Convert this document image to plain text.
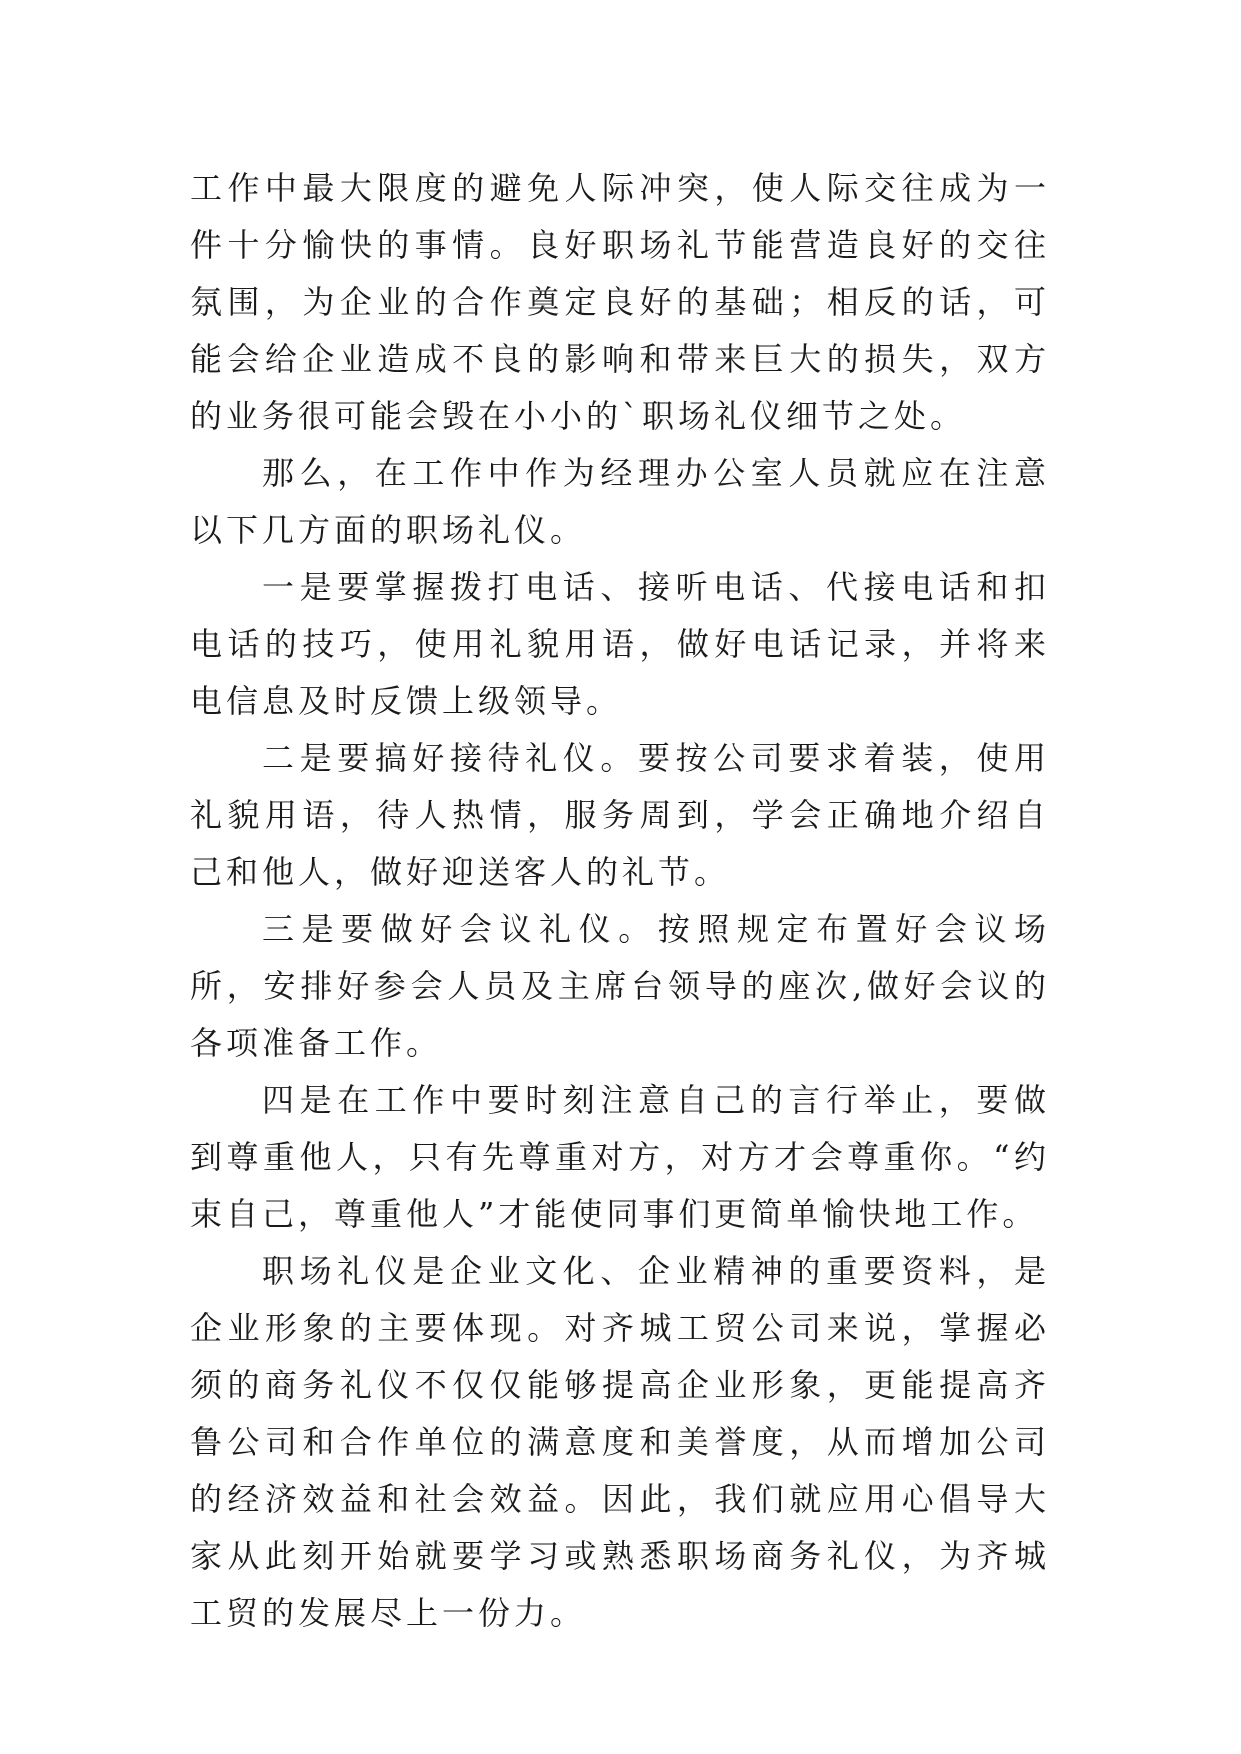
工作中最大限度的避免人际冲突，使人际交往成为一件十分愉快的事情。良好职场礼节能营造良好的交往氛围，为企业的合作奠定良好的基础；相反的话，可能会给企业造成不良的影响和带来巨大的损失，双方的业务很可能会毁在小小的`职场礼仪细节之处。

那么，在工作中作为经理办公室人员就应在注意以下几方面的职场礼仪。

一是要掌握拨打电话、接听电话、代接电话和扣电话的技巧，使用礼貌用语，做好电话记录，并将来电信息及时反馈上级领导。

二是要搞好接待礼仪。要按公司要求着装，使用礼貌用语，待人热情，服务周到，学会正确地介绍自己和他人，做好迎送客人的礼节。

三是要做好会议礼仪。按照规定布置好会议场所，安排好参会人员及主席台领导的座次,做好会议的各项准备工作。

四是在工作中要时刻注意自己的言行举止，要做到尊重他人，只有先尊重对方，对方才会尊重你。“约束自己，尊重他人”才能使同事们更简单愉快地工作。

职场礼仪是企业文化、企业精神的重要资料，是企业形象的主要体现。对齐城工贸公司来说，掌握必须的商务礼仪不仅仅能够提高企业形象，更能提高齐鲁公司和合作单位的满意度和美誉度，从而增加公司的经济效益和社会效益。因此，我们就应用心倡导大家从此刻开始就要学习或熟悉职场商务礼仪，为齐城工贸的发展尽上一份力。
